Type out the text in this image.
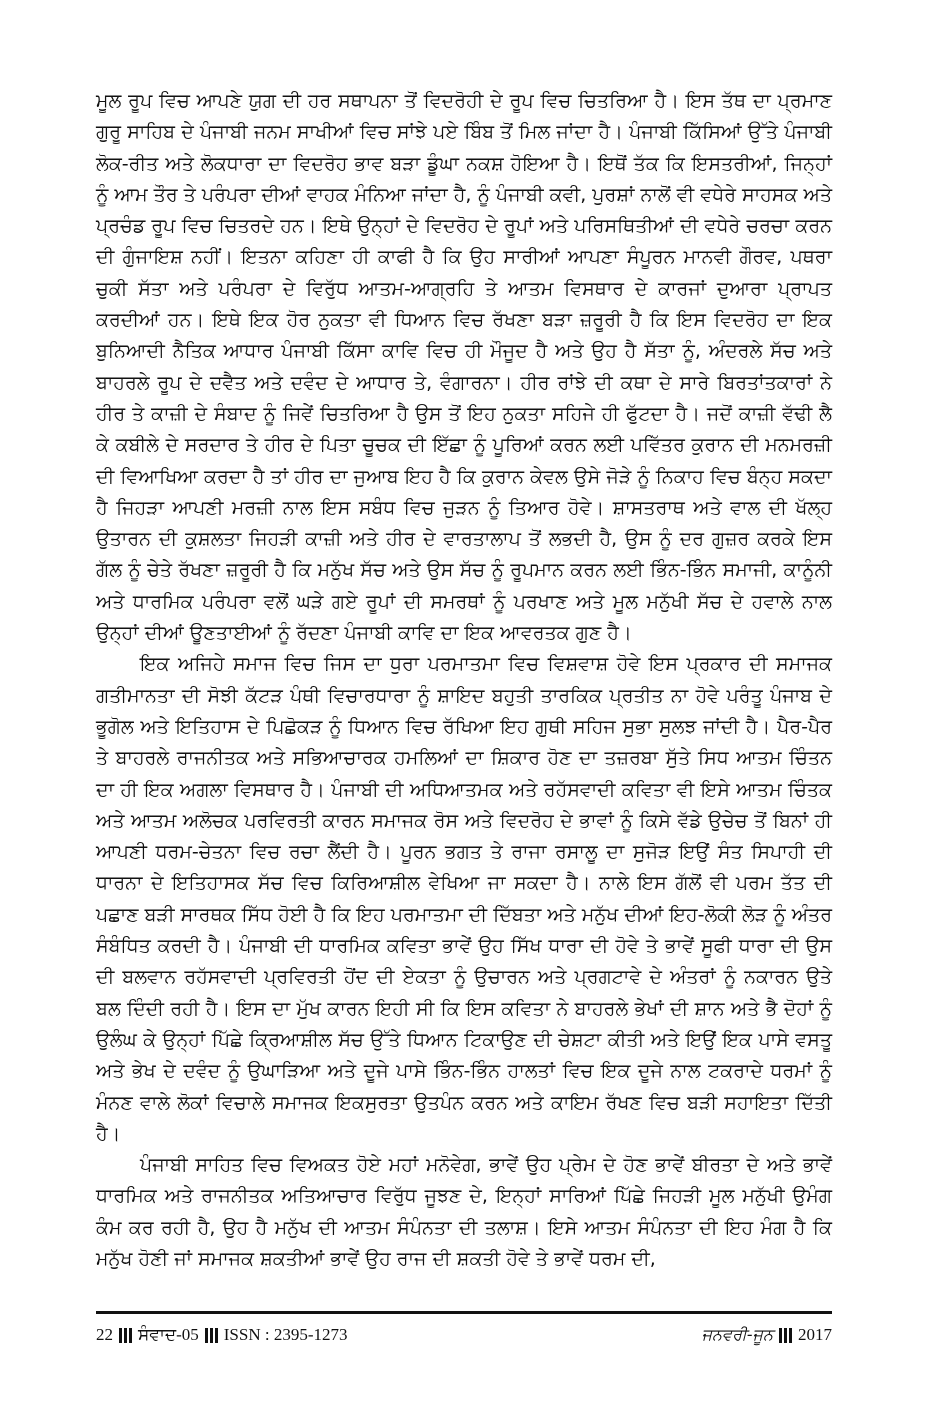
ਮੂਲ ਰੂਪ ਵਿਚ ਆਪਣੇ ਯੁਗ ਦੀ ਹਰ ਸਥਾਪਨਾ ਤੋਂ ਵਿਦਰੋਹੀ ਦੇ ਰੂਪ ਵਿਚ ਚਿਤਰਿਆ ਹੈ। ਇਸ ਤੱਥ ਦਾ ਪ੍ਰਮਾਣ ਗੁਰੂ ਸਾਹਿਬ ਦੇ ਪੰਜਾਬੀ ਜਨਮ ਸਾਖੀਆਂ ਵਿਚ ਸਾਂਝੇ ਪਏ ਬਿੰਬ ਤੋਂ ਮਿਲ ਜਾਂਦਾ ਹੈ। ਪੰਜਾਬੀ ਕਿੱਸਿਆਂ ਉੱਤੇ ਪੰਜਾਬੀ ਲੋਕ-ਰੀਤ ਅਤੇ ਲੋਕਧਾਰਾ ਦਾ ਵਿਦਰੋਹ ਭਾਵ ਬੜਾ ਡੂੰਘਾ ਨਕਸ਼ ਹੋਇਆ ਹੈ। ਇਥੋਂ ਤੱਕ ਕਿ ਇਸਤਰੀਆਂ, ਜਿਨ੍ਹਾਂ ਨੂੰ ਆਮ ਤੌਰ ਤੇ ਪਰੰਪਰਾ ਦੀਆਂ ਵਾਹਕ ਮੰਨਿਆ ਜਾਂਦਾ ਹੈ, ਨੂੰ ਪੰਜਾਬੀ ਕਵੀ, ਪੁਰਸ਼ਾਂ ਨਾਲੋਂ ਵੀ ਵਧੇਰੇ ਸਾਹਸਕ ਅਤੇ ਪ੍ਰਚੰਡ ਰੂਪ ਵਿਚ ਚਿਤਰਦੇ ਹਨ। ਇਥੇ ਉਨ੍ਹਾਂ ਦੇ ਵਿਦਰੋਹ ਦੇ ਰੂਪਾਂ ਅਤੇ ਪਰਿਸਥਿਤੀਆਂ ਦੀ ਵਧੇਰੇ ਚਰਚਾ ਕਰਨ ਦੀ ਗੁੰਜਾਇਸ਼ ਨਹੀਂ। ਇਤਨਾ ਕਹਿਣਾ ਹੀ ਕਾਫੀ ਹੈ ਕਿ ਉਹ ਸਾਰੀਆਂ ਆਪਣਾ ਸੰਪੂਰਨ ਮਾਨਵੀ ਗੌਰਵ, ਪਥਰਾ ਚੁਕੀ ਸੱਤਾ ਅਤੇ ਪਰੰਪਰਾ ਦੇ ਵਿਰੁੱਧ ਆਤਮ-ਆਗ੍ਰਹਿ ਤੇ ਆਤਮ ਵਿਸਥਾਰ ਦੇ ਕਾਰਜਾਂ ਦੁਆਰਾ ਪ੍ਰਾਪਤ ਕਰਦੀਆਂ ਹਨ। ਇਥੇ ਇਕ ਹੋਰ ਨੁਕਤਾ ਵੀ ਧਿਆਨ ਵਿਚ ਰੱਖਣਾ ਬੜਾ ਜ਼ਰੂਰੀ ਹੈ ਕਿ ਇਸ ਵਿਦਰੋਹ ਦਾ ਇਕ ਬੁਨਿਆਦੀ ਨੈਤਿਕ ਆਧਾਰ ਪੰਜਾਬੀ ਕਿੱਸਾ ਕਾਵਿ ਵਿਚ ਹੀ ਮੌਜੂਦ ਹੈ ਅਤੇ ਉਹ ਹੈ ਸੱਤਾ ਨੂੰ, ਅੰਦਰਲੇ ਸੱਚ ਅਤੇ ਬਾਹਰਲੇ ਰੂਪ ਦੇ ਦਵੈਤ ਅਤੇ ਦਵੰਦ ਦੇ ਆਧਾਰ ਤੇ, ਵੰਗਾਰਨਾ। ਹੀਰ ਰਾਂਝੇ ਦੀ ਕਥਾ ਦੇ ਸਾਰੇ ਬਿਰਤਾਂਤਕਾਰਾਂ ਨੇ ਹੀਰ ਤੇ ਕਾਜ਼ੀ ਦੇ ਸੰਬਾਦ ਨੂੰ ਜਿਵੇਂ ਚਿਤਰਿਆ ਹੈ ਉਸ ਤੋਂ ਇਹ ਨੁਕਤਾ ਸਹਿਜੇ ਹੀ ਫੁੱਟਦਾ ਹੈ। ਜਦੋਂ ਕਾਜ਼ੀ ਵੱਢੀ ਲੈ ਕੇ ਕਬੀਲੇ ਦੇ ਸਰਦਾਰ ਤੇ ਹੀਰ ਦੇ ਪਿਤਾ ਚੂਚਕ ਦੀ ਇੱਛਾ ਨੂੰ ਪੂਰਿਆਂ ਕਰਨ ਲਈ ਪਵਿੱਤਰ ਕੁਰਾਨ ਦੀ ਮਨਮਰਜ਼ੀ ਦੀ ਵਿਆਖਿਆ ਕਰਦਾ ਹੈ ਤਾਂ ਹੀਰ ਦਾ ਜੁਆਬ ਇਹ ਹੈ ਕਿ ਕੁਰਾਨ ਕੇਵਲ ਉਸੇ ਜੋੜੇ ਨੂੰ ਨਿਕਾਹ ਵਿਚ ਬੰਨ੍ਹ ਸਕਦਾ ਹੈ ਜਿਹੜਾ ਆਪਣੀ ਮਰਜ਼ੀ ਨਾਲ ਇਸ ਸਬੰਧ ਵਿਚ ਜੁੜਨ ਨੂੰ ਤਿਆਰ ਹੋਵੇ। ਸ਼ਾਸਤਰਾਥ ਅਤੇ ਵਾਲ ਦੀ ਖੱਲ੍ਹ ਉਤਾਰਨ ਦੀ ਕੁਸ਼ਲਤਾ ਜਿਹੜੀ ਕਾਜ਼ੀ ਅਤੇ ਹੀਰ ਦੇ ਵਾਰਤਾਲਾਪ ਤੋਂ ਲਭਦੀ ਹੈ, ਉਸ ਨੂੰ ਦਰ ਗੁਜ਼ਰ ਕਰਕੇ ਇਸ ਗੱਲ ਨੂੰ ਚੇਤੇ ਰੱਖਣਾ ਜ਼ਰੂਰੀ ਹੈ ਕਿ ਮਨੁੱਖ ਸੱਚ ਅਤੇ ਉਸ ਸੱਚ ਨੂੰ ਰੂਪਮਾਨ ਕਰਨ ਲਈ ਭਿੰਨ-ਭਿੰਨ ਸਮਾਜੀ, ਕਾਨੂੰਨੀ ਅਤੇ ਧਾਰਮਿਕ ਪਰੰਪਰਾ ਵਲੋਂ ਘੜੇ ਗਏ ਰੂਪਾਂ ਦੀ ਸਮਰਥਾਂ ਨੂੰ ਪਰਖਾਣ ਅਤੇ ਮੂਲ ਮਨੁੱਖੀ ਸੱਚ ਦੇ ਹਵਾਲੇ ਨਾਲ ਉਨ੍ਹਾਂ ਦੀਆਂ ਊਣਤਾਈਆਂ ਨੂੰ ਰੱਦਣਾ ਪੰਜਾਬੀ ਕਾਵਿ ਦਾ ਇਕ ਆਵਰਤਕ ਗੁਣ ਹੈ।

ਇਕ ਅਜਿਹੇ ਸਮਾਜ ਵਿਚ ਜਿਸ ਦਾ ਧੁਰਾ ਪਰਮਾਤਮਾ ਵਿਚ ਵਿਸ਼ਵਾਸ਼ ਹੋਵੇ ਇਸ ਪ੍ਰਕਾਰ ਦੀ ਸਮਾਜਕ ਗਤੀਮਾਨਤਾ ਦੀ ਸੋਝੀ ਕੱਟੜ ਪੰਥੀ ਵਿਚਾਰਧਾਰਾ ਨੂੰ ਸ਼ਾਇਦ ਬਹੁਤੀ ਤਾਰਕਿਕ ਪ੍ਰਤੀਤ ਨਾ ਹੋਵੇ ਪਰੰਤੂ ਪੰਜਾਬ ਦੇ ਭੂਗੋਲ ਅਤੇ ਇਤਿਹਾਸ ਦੇ ਪਿਛੋਕੜ ਨੂੰ ਧਿਆਨ ਵਿਚ ਰੱਖਿਆ ਇਹ ਗੁਥੀ ਸਹਿਜ ਸੁਭਾ ਸੁਲਝ ਜਾਂਦੀ ਹੈ। ਪੈਰ-ਪੈਰ ਤੇ ਬਾਹਰਲੇ ਰਾਜਨੀਤਕ ਅਤੇ ਸਭਿਆਚਾਰਕ ਹਮਲਿਆਂ ਦਾ ਸ਼ਿਕਾਰ ਹੋਣ ਦਾ ਤਜ਼ਰਬਾ ਸੁੱਤੇ ਸਿਧ ਆਤਮ ਚਿੰਤਨ ਦਾ ਹੀ ਇਕ ਅਗਲਾ ਵਿਸਥਾਰ ਹੈ। ਪੰਜਾਬੀ ਦੀ ਅਧਿਆਤਮਕ ਅਤੇ ਰਹੱਸਵਾਦੀ ਕਵਿਤਾ ਵੀ ਇਸੇ ਆਤਮ ਚਿੰਤਕ ਅਤੇ ਆਤਮ ਅਲੋਚਕ ਪਰਵਿਰਤੀ ਕਾਰਨ ਸਮਾਜਕ ਰੋਸ ਅਤੇ ਵਿਦਰੋਹ ਦੇ ਭਾਵਾਂ ਨੂੰ ਕਿਸੇ ਵੱਡੇ ਉਚੇਚ ਤੋਂ ਬਿਨਾਂ ਹੀ ਆਪਣੀ ਧਰਮ-ਚੇਤਨਾ ਵਿਚ ਰਚਾ ਲੈਂਦੀ ਹੈ। ਪੂਰਨ ਭਗਤ ਤੇ ਰਾਜਾ ਰਸਾਲੂ ਦਾ ਸੁਜੋੜ ਇਉਂ ਸੰਤ ਸਿਪਾਹੀ ਦੀ ਧਾਰਨਾ ਦੇ ਇਤਿਹਾਸਕ ਸੱਚ ਵਿਚ ਕਿਰਿਆਸ਼ੀਲ ਵੇਖਿਆ ਜਾ ਸਕਦਾ ਹੈ। ਨਾਲੇ ਇਸ ਗੱਲੋਂ ਵੀ ਪਰਮ ਤੱਤ ਦੀ ਪਛਾਣ ਬੜੀ ਸਾਰਥਕ ਸਿੱਧ ਹੋਈ ਹੈ ਕਿ ਇਹ ਪਰਮਾਤਮਾ ਦੀ ਦਿੱਬਤਾ ਅਤੇ ਮਨੁੱਖ ਦੀਆਂ ਇਹ-ਲੋਕੀ ਲੋੜ ਨੂੰ ਅੰਤਰ ਸੰਬੰਧਿਤ ਕਰਦੀ ਹੈ। ਪੰਜਾਬੀ ਦੀ ਧਾਰਮਿਕ ਕਵਿਤਾ ਭਾਵੇਂ ਉਹ ਸਿੱਖ ਧਾਰਾ ਦੀ ਹੋਵੇ ਤੇ ਭਾਵੇਂ ਸੂਫੀ ਧਾਰਾ ਦੀ ਉਸ ਦੀ ਬਲਵਾਨ ਰਹੱਸਵਾਦੀ ਪ੍ਰਵਿਰਤੀ ਹੋਂਦ ਦੀ ਏਕਤਾ ਨੂੰ ਉਚਾਰਨ ਅਤੇ ਪ੍ਰਗਟਾਵੇ ਦੇ ਅੰਤਰਾਂ ਨੂੰ ਨਕਾਰਨ ਉਤੇ ਬਲ ਦਿੰਦੀ ਰਹੀ ਹੈ। ਇਸ ਦਾ ਮੁੱਖ ਕਾਰਨ ਇਹੀ ਸੀ ਕਿ ਇਸ ਕਵਿਤਾ ਨੇ ਬਾਹਰਲੇ ਭੇਖਾਂ ਦੀ ਸ਼ਾਨ ਅਤੇ ਭੈ ਦੋਹਾਂ ਨੂੰ ਉਲੰਘ ਕੇ ਉਨ੍ਹਾਂ ਪਿੱਛੇ ਕ੍ਰਿਆਸ਼ੀਲ ਸੱਚ ਉੱਤੇ ਧਿਆਨ ਟਿਕਾਉਣ ਦੀ ਚੇਸ਼ਟਾ ਕੀਤੀ ਅਤੇ ਇਉਂ ਇਕ ਪਾਸੇ ਵਸਤੂ ਅਤੇ ਭੇਖ ਦੇ ਦਵੰਦ ਨੂੰ ਉਘਾੜਿਆ ਅਤੇ ਦੂਜੇ ਪਾਸੇ ਭਿੰਨ-ਭਿੰਨ ਹਾਲਤਾਂ ਵਿਚ ਇਕ ਦੂਜੇ ਨਾਲ ਟਕਰਾਦੇ ਧਰਮਾਂ ਨੂੰ ਮੰਨਣ ਵਾਲੇ ਲੋਕਾਂ ਵਿਚਾਲੇ ਸਮਾਜਕ ਇਕਸੁਰਤਾ ਉਤਪੰਨ ਕਰਨ ਅਤੇ ਕਾਇਮ ਰੱਖਣ ਵਿਚ ਬੜੀ ਸਹਾਇਤਾ ਦਿੱਤੀ ਹੈ।

ਪੰਜਾਬੀ ਸਾਹਿਤ ਵਿਚ ਵਿਅਕਤ ਹੋਏ ਮਹਾਂ ਮਨੋਵੇਗ, ਭਾਵੇਂ ਉਹ ਪ੍ਰੇਮ ਦੇ ਹੋਣ ਭਾਵੇਂ ਬੀਰਤਾ ਦੇ ਅਤੇ ਭਾਵੇਂ ਧਾਰਮਿਕ ਅਤੇ ਰਾਜਨੀਤਕ ਅਤਿਆਚਾਰ ਵਿਰੁੱਧ ਜੂਝਣ ਦੇ, ਇਨ੍ਹਾਂ ਸਾਰਿਆਂ ਪਿੱਛੇ ਜਿਹੜੀ ਮੂਲ ਮਨੁੱਖੀ ਉਮੰਗ ਕੰਮ ਕਰ ਰਹੀ ਹੈ, ਉਹ ਹੈ ਮਨੁੱਖ ਦੀ ਆਤਮ ਸੰਪੰਨਤਾ ਦੀ ਤਲਾਸ਼। ਇਸੇ ਆਤਮ ਸੰਪੰਨਤਾ ਦੀ ਇਹ ਮੰਗ ਹੈ ਕਿ ਮਨੁੱਖ ਹੋਣੀ ਜਾਂ ਸਮਾਜਕ ਸ਼ਕਤੀਆਂ ਭਾਵੇਂ ਉਹ ਰਾਜ ਦੀ ਸ਼ਕਤੀ ਹੋਵੇ ਤੇ ਭਾਵੇਂ ਧਰਮ ਦੀ,

22 ਸੰਵਾਦ-05 ISSN : 2395-1273	ਜਨਵਰੀ-ਜੂਨ 2017
